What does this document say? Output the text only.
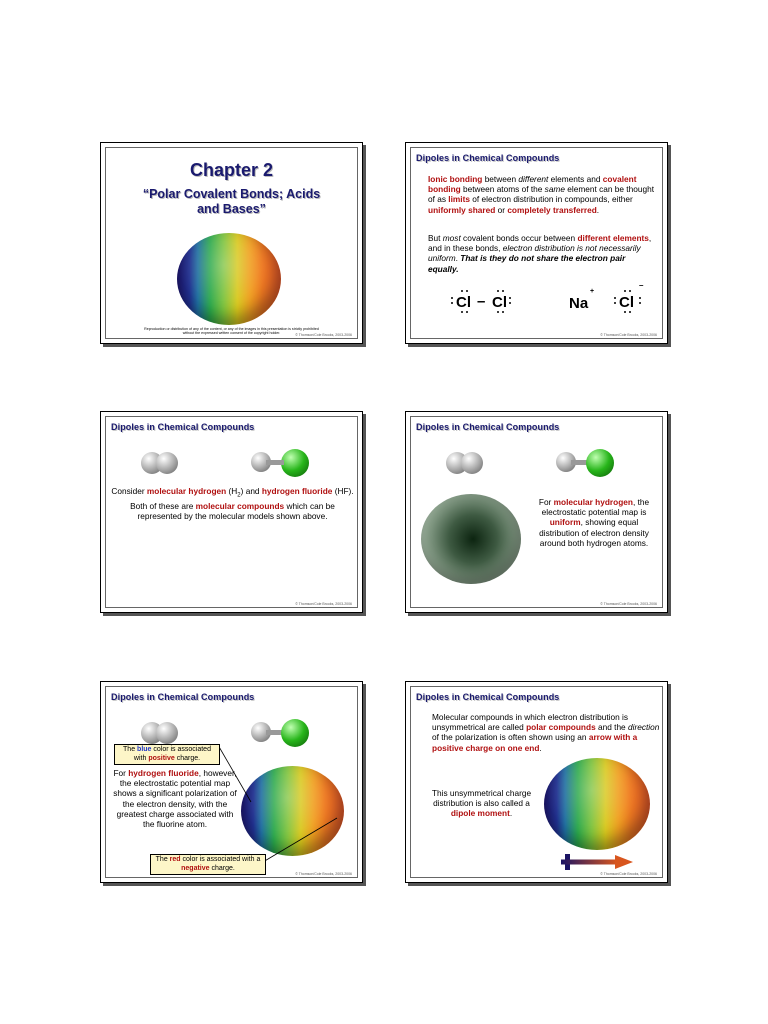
Chapter 2
“Polar Covalent Bonds; Acids and Bases”
Reproduction or distribution of any of the content, or any of the images in this presentation is strictly prohibited without the expressed written consent of the copyright holder.	© Thomson/Cole Brooks, 2003-2006
Dipoles in Chemical Compounds
Ionic bonding between different elements and covalent bonding between atoms of the same element can be thought of as limits of electron distribution in compounds, either uniformly shared or completely transferred.
But most covalent bonds occur between different elements, and in these bonds, electron distribution is not necessarily uniform. That is they do not share the electron pair equally.
Cl – Cl	Na
+
Cl
–
© Thomson/Cole Brooks, 2003-2006
Dipoles in Chemical Compounds
Consider molecular hydrogen $(H_2)$ and hydrogen fluoride (HF). Both of these are molecular compounds which can be represented by the molecular models shown above.
© Thomson/Cole Brooks, 2003-2006
Dipoles in Chemical Compounds
For molecular hydrogen, the electrostatic potential map is uniform, showing equal distribution of electron density around both hydrogen atoms.
© Thomson/Cole Brooks, 2003-2006
Dipoles in Chemical Compounds
The blue color is associated with positive charge.
For hydrogen fluoride, however, the electrostatic potential map shows a significant polarization of the electron density, with the greatest charge associated with the fluorine atom.
The red color is associated with a negative charge.
© Thomson/Cole Brooks, 2003-2006
Dipoles in Chemical Compounds
Molecular compounds in which electron distribution is unsymmetrical are called polar compounds and the direction of the polarization is often shown using an arrow with a positive charge on one end.
This unsymmetrical charge distribution is also called a dipole moment.
© Thomson/Cole Brooks, 2003-2006
